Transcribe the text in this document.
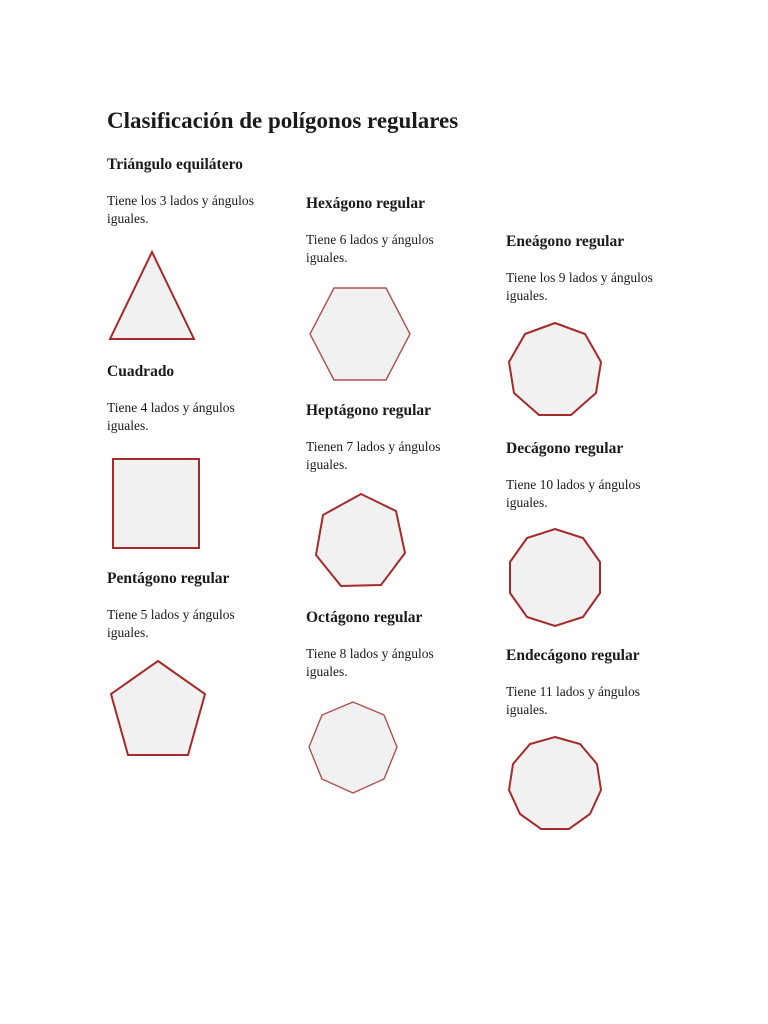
Clasificación de polígonos regulares
Triángulo equilátero

Tiene los 3 lados y ángulos iguales.

Cuadrado

Tiene 4 lados y ángulos iguales.

Pentágono regular

Tiene 5 lados y ángulos iguales.

Hexágono regular

Tiene 6 lados y ángulos iguales.

Heptágono regular

Tienen 7 lados y ángulos iguales.

Octágono regular

Tiene 8 lados y ángulos iguales.

Eneágono regular

Tiene los 9 lados y ángulos iguales.

Decágono regular

Tiene 10 lados y ángulos iguales.

Endecágono regular

Tiene 11 lados y ángulos iguales.
